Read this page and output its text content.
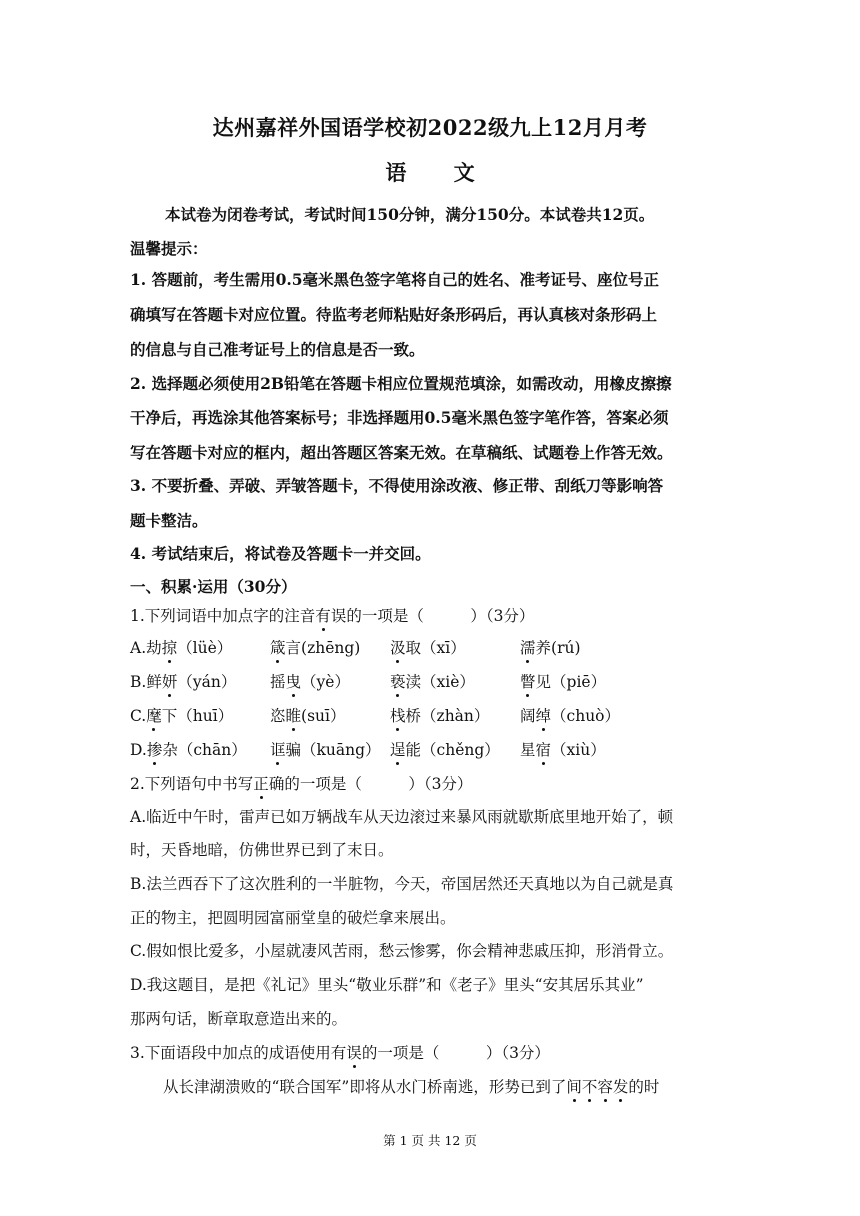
达州嘉祥外国语学校初2022级九上12月月考
语 文
本试卷为闭卷考试，考试时间150分钟，满分150分。本试卷共12页。
温馨提示：
1. 答题前，考生需用0.5毫米黑色签字笔将自己的姓名、准考证号、座位号正
确填写在答题卡对应位置。待监考老师粘贴好条形码后，再认真核对条形码上
的信息与自己准考证号上的信息是否一致。
2. 选择题必须使用2B铅笔在答题卡相应位置规范填涂，如需改动，用橡皮擦擦
干净后，再选涂其他答案标号；非选择题用0.5毫米黑色签字笔作答，答案必须
写在答题卡对应的框内，超出答题区答案无效。在草稿纸、试题卷上作答无效。
3. 不要折叠、弄破、弄皱答题卡，不得使用涂改液、修正带、刮纸刀等影响答
题卡整洁。
4. 考试结束后，将试卷及答题卡一并交回。
一、积累·运用（30分）
1.下列词语中加点字的注音有误的一项是（　　　）（3分）
A.劫掠（lüè） 箴言(zhēng) 汲取（xī）	濡养(rú)
B.鲜妍（yán） 摇曳（yè）	亵渎（xiè）	瞥见（piē）
C.麾下（huī） 恣睢(suī）	栈桥（zhàn） 阔绰（chuò）
D.掺杂（chān） 诓骗（kuāng） 逞能（chěng） 星宿（xiù）
2.下列语句中书写正确的一项是（　　　）（3分）
A.临近中午时，雷声已如万辆战车从天边滚过来暴风雨就歇斯底里地开始了，顿
时，天昏地暗，仿佛世界已到了末日。
B.法兰西吞下了这次胜利的一半脏物，今天，帝国居然还天真地以为自己就是真
正的物主，把圆明园富丽堂皇的破烂拿来展出。
C.假如恨比爱多，小屋就凄风苦雨，愁云惨雾，你会精神悲戚压抑，形消骨立。
D.我这题目，是把《礼记》里头“敬业乐群”和《老子》里头“安其居乐其业”
那两句话，断章取意造出来的。
3.下面语段中加点的成语使用有误的一项是（　　　）（3分）
从长津湖溃败的“联合国军”即将从水门桥南逃，形势已到了间不容发的时
第 1 页 共 12 页
